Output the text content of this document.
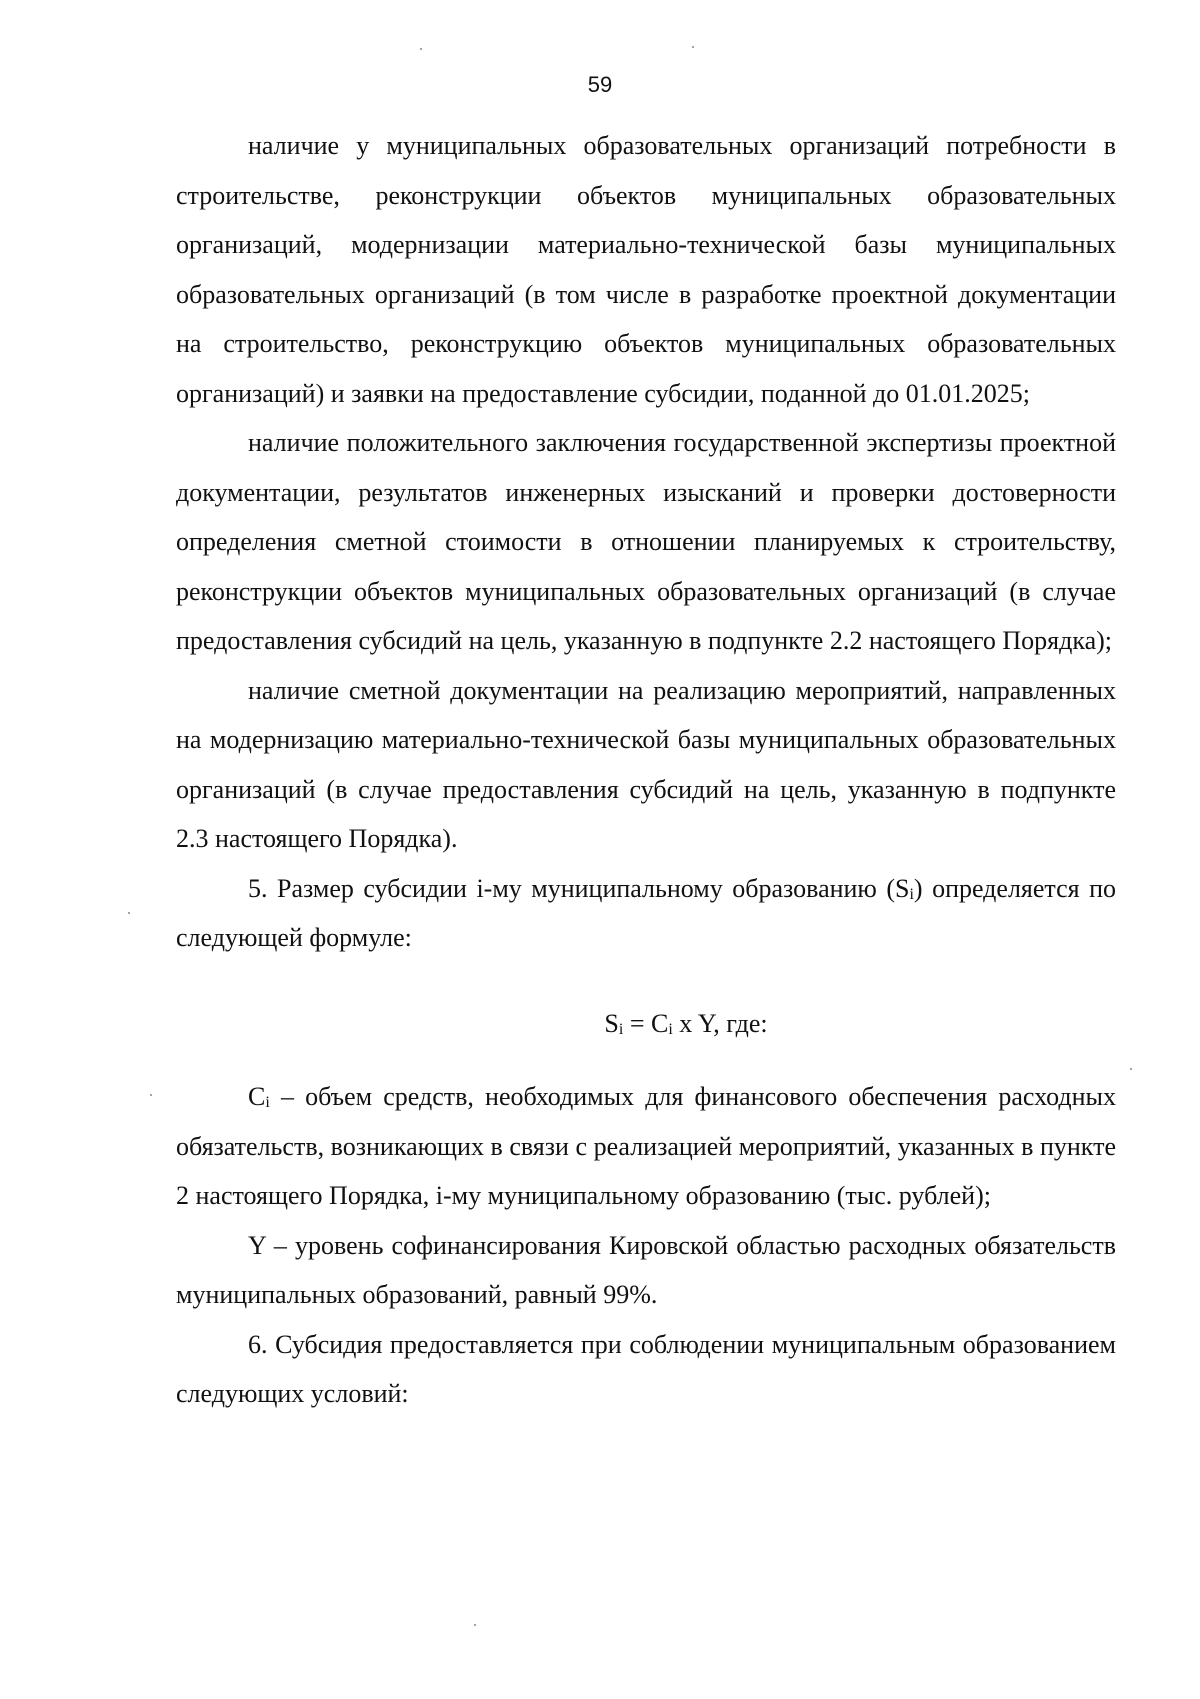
59

наличие у муниципальных образовательных организаций потребности в строительстве, реконструкции объектов муниципальных образовательных организаций, модернизации материально-технической базы муниципальных образовательных организаций (в том числе в разработке проектной документации на строительство, реконструкцию объектов муниципальных образовательных организаций) и заявки на предоставление субсидии, поданной до 01.01.2025;

наличие положительного заключения государственной экспертизы проектной документации, результатов инженерных изысканий и проверки достоверности определения сметной стоимости в отношении планируемых к строительству, реконструкции объектов муниципальных образовательных организаций (в случае предоставления субсидий на цель, указанную в подпункте 2.2 настоящего Порядка);

наличие сметной документации на реализацию мероприятий, направленных на модернизацию материально-технической базы муниципальных образовательных организаций (в случае предоставления субсидий на цель, указанную в подпункте 2.3 настоящего Порядка).

5. Размер субсидии i-му муниципальному образованию $(S_i)$ определяется по следующей формуле:

$S_i = C_i$ x Y, где:

$C_i$ – объем средств, необходимых для финансового обеспечения расходных обязательств, возникающих в связи с реализацией мероприятий, указанных в пункте 2 настоящего Порядка, i-му муниципальному образованию (тыс. рублей);

Y – уровень софинансирования Кировской областью расходных обязательств муниципальных образований, равный 99%.

6. Субсидия предоставляется при соблюдении муниципальным образованием следующих условий:
